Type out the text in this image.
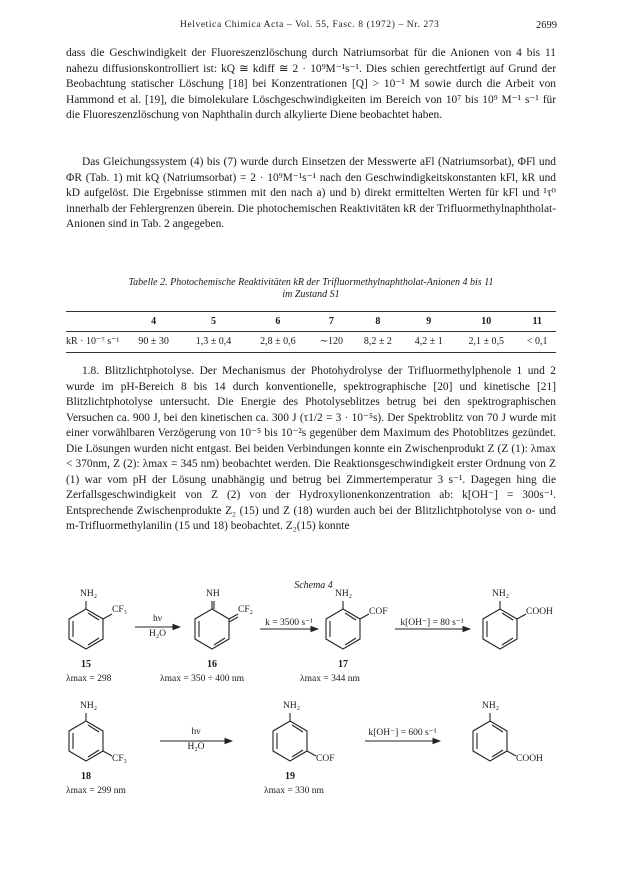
Helvetica Chimica Acta – Vol. 55, Fasc. 8 (1972) – Nr. 273	2699

dass die Geschwindigkeit der Fluoreszenzlöschung durch Natriumsorbat für die Anionen von 4 bis 11 nahezu diffusionskontrolliert ist: kQ ≅ kdiff ≅ 2 · 10⁹M⁻¹s⁻¹. Dies schien gerechtfertigt auf Grund der Beobachtung statischer Löschung [18] bei Konzentrationen [Q] > 10⁻¹ M sowie durch die Arbeit von Hammond et al. [19], die bimolekulare Löschgeschwindigkeiten im Bereich von 10⁷ bis 10⁹ M⁻¹ s⁻¹ für die Fluoreszenzlöschung von Naphthalin durch alkylierte Diene beobachtet haben.

Das Gleichungssystem (4) bis (7) wurde durch Einsetzen der Messwerte aFl (Natriumsorbat), ΦFl und ΦR (Tab. 1) mit kQ (Natriumsorbat) = 2 · 10⁹M⁻¹s⁻¹ nach den Geschwindigkeitskonstanten kFl, kR und kD aufgelöst. Die Ergebnisse stimmen mit den nach a) und b) direkt ermittelten Werten für kFl und ¹τ⁰ innerhalb der Fehlergrenzen überein. Die photochemischen Reaktivitäten kR der Trifluormethylnaphtholat-Anionen sind in Tab. 2 angegeben.

Tabelle 2. Photochemische Reaktivitäten kR der Trifluormethylnaphtholat-Anionen 4 bis 11
im Zustand S1
	4	5	6	7	8	9	10	11
kR · 10⁻⁷ s⁻¹	90 ± 30	1,3 ± 0,4	2,8 ± 0,6	∼120	8,2 ± 2	4,2 ± 1	2,1 ± 0,5	< 0,1

1.8. Blitzlichtphotolyse. Der Mechanismus der Photohydrolyse der Trifluormethylphenole 1 und 2 wurde im pH-Bereich 8 bis 14 durch konventionelle, spektrographische [20] und kinetische [21] Blitzlichtphotolyse untersucht. Die Energie des Photolyseblitzes betrug bei den spektrographischen Versuchen ca. 900 J, bei den kinetischen ca. 300 J (τ1/2 = 3 · 10⁻⁵s). Der Spektroblitz von 70 J wurde mit einer vorwählbaren Verzögerung von 10⁻⁵ bis 10⁻²s gegenüber dem Maximum des Photoblitzes gezündet. Die Lösungen wurden nicht entgast. Bei beiden Verbindungen konnte ein Zwischenprodukt Z (Z (1): λmax < 370nm, Z (2): λmax = 345 nm) beobachtet werden. Die Reaktionsgeschwindigkeit erster Ordnung von Z (1) war vom pH der Lösung unabhängig und betrug bei Zimmertemperatur 3 s⁻¹. Dagegen hing die Zerfallsgeschwindigkeit von Z (2) von der Hydroxylionenkonzentration ab: k[OH⁻] = 300s⁻¹. Entsprechende Zwischenprodukte Z₂ (15) und Z (18) wurden auch bei der Blitzlichtphotolyse von o- und m-Trifluormethylanilin (15 und 18) beobachtet. Z₂(15) konnte

Schema 4
NH₂
CF₃
hν
H₂O
NH
CF₂
k = 3500 s⁻¹
NH₂
COF
k[OH⁻] = 80 s⁻¹
NH₂
COOH
15	16	17
λmax = 298	λmax = 350 ÷ 400 nm	λmax = 344 nm
NH₂
CF₃
hν
H₂O
NH₂
COF
k[OH⁻] = 600 s⁻¹
NH₂
COOH
18	19
λmax = 299 nm	λmax = 330 nm
